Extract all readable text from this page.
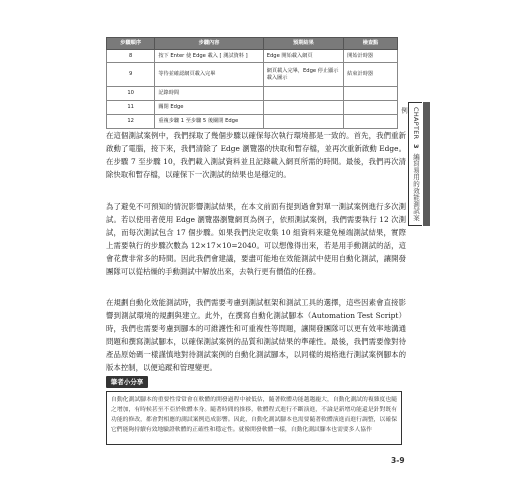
步驟順序	步驟內容	預期結果	檢查點
8	按下 Enter 使 Edge 載入 [ 測試資料 ]	Edge 開始載入網頁	開始計時器
9	等待並確認網頁載入完畢	網頁載入完畢，Edge 停止顯示載入圖示	結束計時器
10	記錄時間		
11	關閉 Edge		
12	重複步驟 1 至步驟 5 後關閉 Edge		

在這個測試案例中，我們採取了幾個步驟以確保每次執行環境都是一致的。首先，我們重新啟動了電腦，接下來，我們清除了 Edge 瀏覽器的快取和暫存檔，並再次重新啟動 Edge。在步驟 7 至步驟 10，我們載入測試資料並且記錄載入網頁所需的時間。最後，我們再次清除快取和暫存檔，以確保下一次測試的結果也是穩定的。

為了避免不可預知的情況影響測試結果，在本文前面有提到過會對單一測試案例進行多次測試。若以使用者使用 Edge 瀏覽器瀏覽網頁為例子，依照測試案例，我們需要執行 12 次測試，而每次測試包含 17 個步驟。如果我們決定收集 10 組資料來避免極端測試結果，實際上需要執行的步驟次數為 12×17×10=2040。可以想像得出來，若是用手動測試的話，這會花費非常多的時間。因此我們會建議，要盡可能地在效能測試中使用自動化測試，讓開發團隊可以從枯燥的手動測試中解放出來，去執行更有價值的任務。

在規劃自動化效能測試時，我們需要考慮到測試框架和測試工具的選擇，這些因素會直接影響到測試環境的規劃與建立。此外，在撰寫自動化測試腳本（Automation Test Script）時，我們也需要考慮到腳本的可維護性和可重複性等問題，讓開發團隊可以更有效率地溝通問題和撰寫測試腳本，以確保測試案例的品質和測試結果的準確性。最後，我們需要像對待產品原始碼一樣謹慎地對待測試案例的自動化測試腳本，以同樣的規格進行測試案例腳本的版本控制，以便追蹤和管理變更。

筆者小分享
自動化測試腳本的重要性常常會在軟體的開發過程中被低估，隨著軟體功能越趨龐大，自動化測試的複雜度也隨之增加，有時候甚至不亞於軟體本身。隨著時間的推移，軟體程式進行不斷演進，不論是新增功能還是針對既有功能的修改，都會對相應的測試案例造成影響。因此，自動化測試腳本也需要隨著軟體演進而進行調整，以確保它們能夠持續有效地驗證軟體的正確性和穩定性。就像開發軟體一樣，自動化測試腳本也需要多人協作
CHAPTER 3 編寫易用的效能測試案例
3-9
